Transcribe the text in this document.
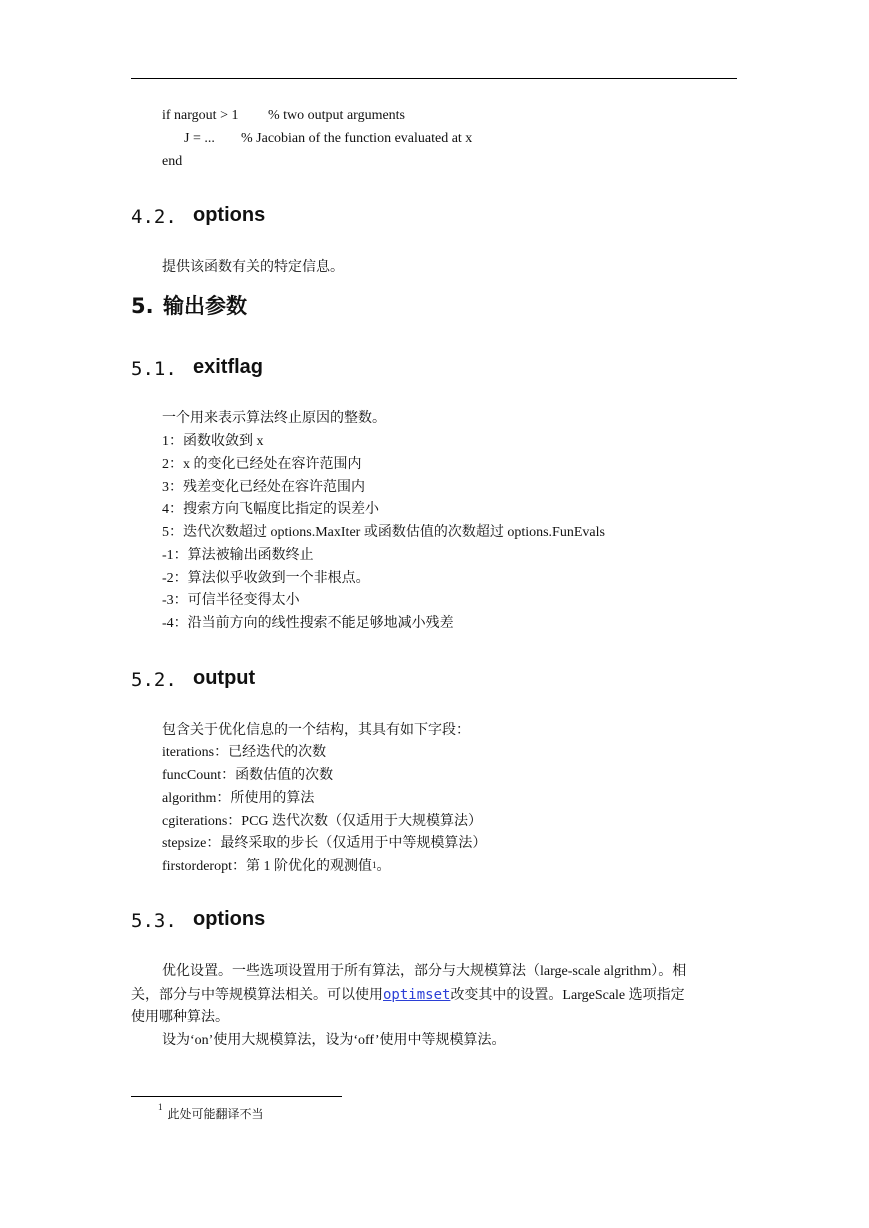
if nargout > 1 % two output arguments
J = ... % Jacobian of the function evaluated at x
end
4.2. options
提供该函数有关的特定信息。
5. 输出参数
5.1. exitflag
一个用来表示算法终止原因的整数。
1：函数收敛到 x
2：x 的变化已经处在容许范围内
3：残差变化已经处在容许范围内
4：搜索方向飞幅度比指定的误差小
5：迭代次数超过 options.MaxIter 或函数估值的次数超过 options.FunEvals
-1：算法被输出函数终止
-2：算法似乎收敛到一个非根点。
-3：可信半径变得太小
-4：沿当前方向的线性搜索不能足够地减小残差
5.2. output
包含关于优化信息的一个结构，其具有如下字段：
iterations：已经迭代的次数
funcCount：函数估值的次数
algorithm：所使用的算法
cgiterations：PCG 迭代次数（仅适用于大规模算法）
stepsize：最终采取的步长（仅适用于中等规模算法）
firstorderopt：第 1 阶优化的观测值$^1$。
5.3. options
优化设置。一些选项设置用于所有算法，部分与大规模算法（large-scale algrithm）。相
关，部分与中等规模算法相关。可以使用optimset改变其中的设置。LargeScale 选项指定
使用哪种算法。
设为‘on’使用大规模算法，设为‘off’使用中等规模算法。
$^1$ 此处可能翻译不当
